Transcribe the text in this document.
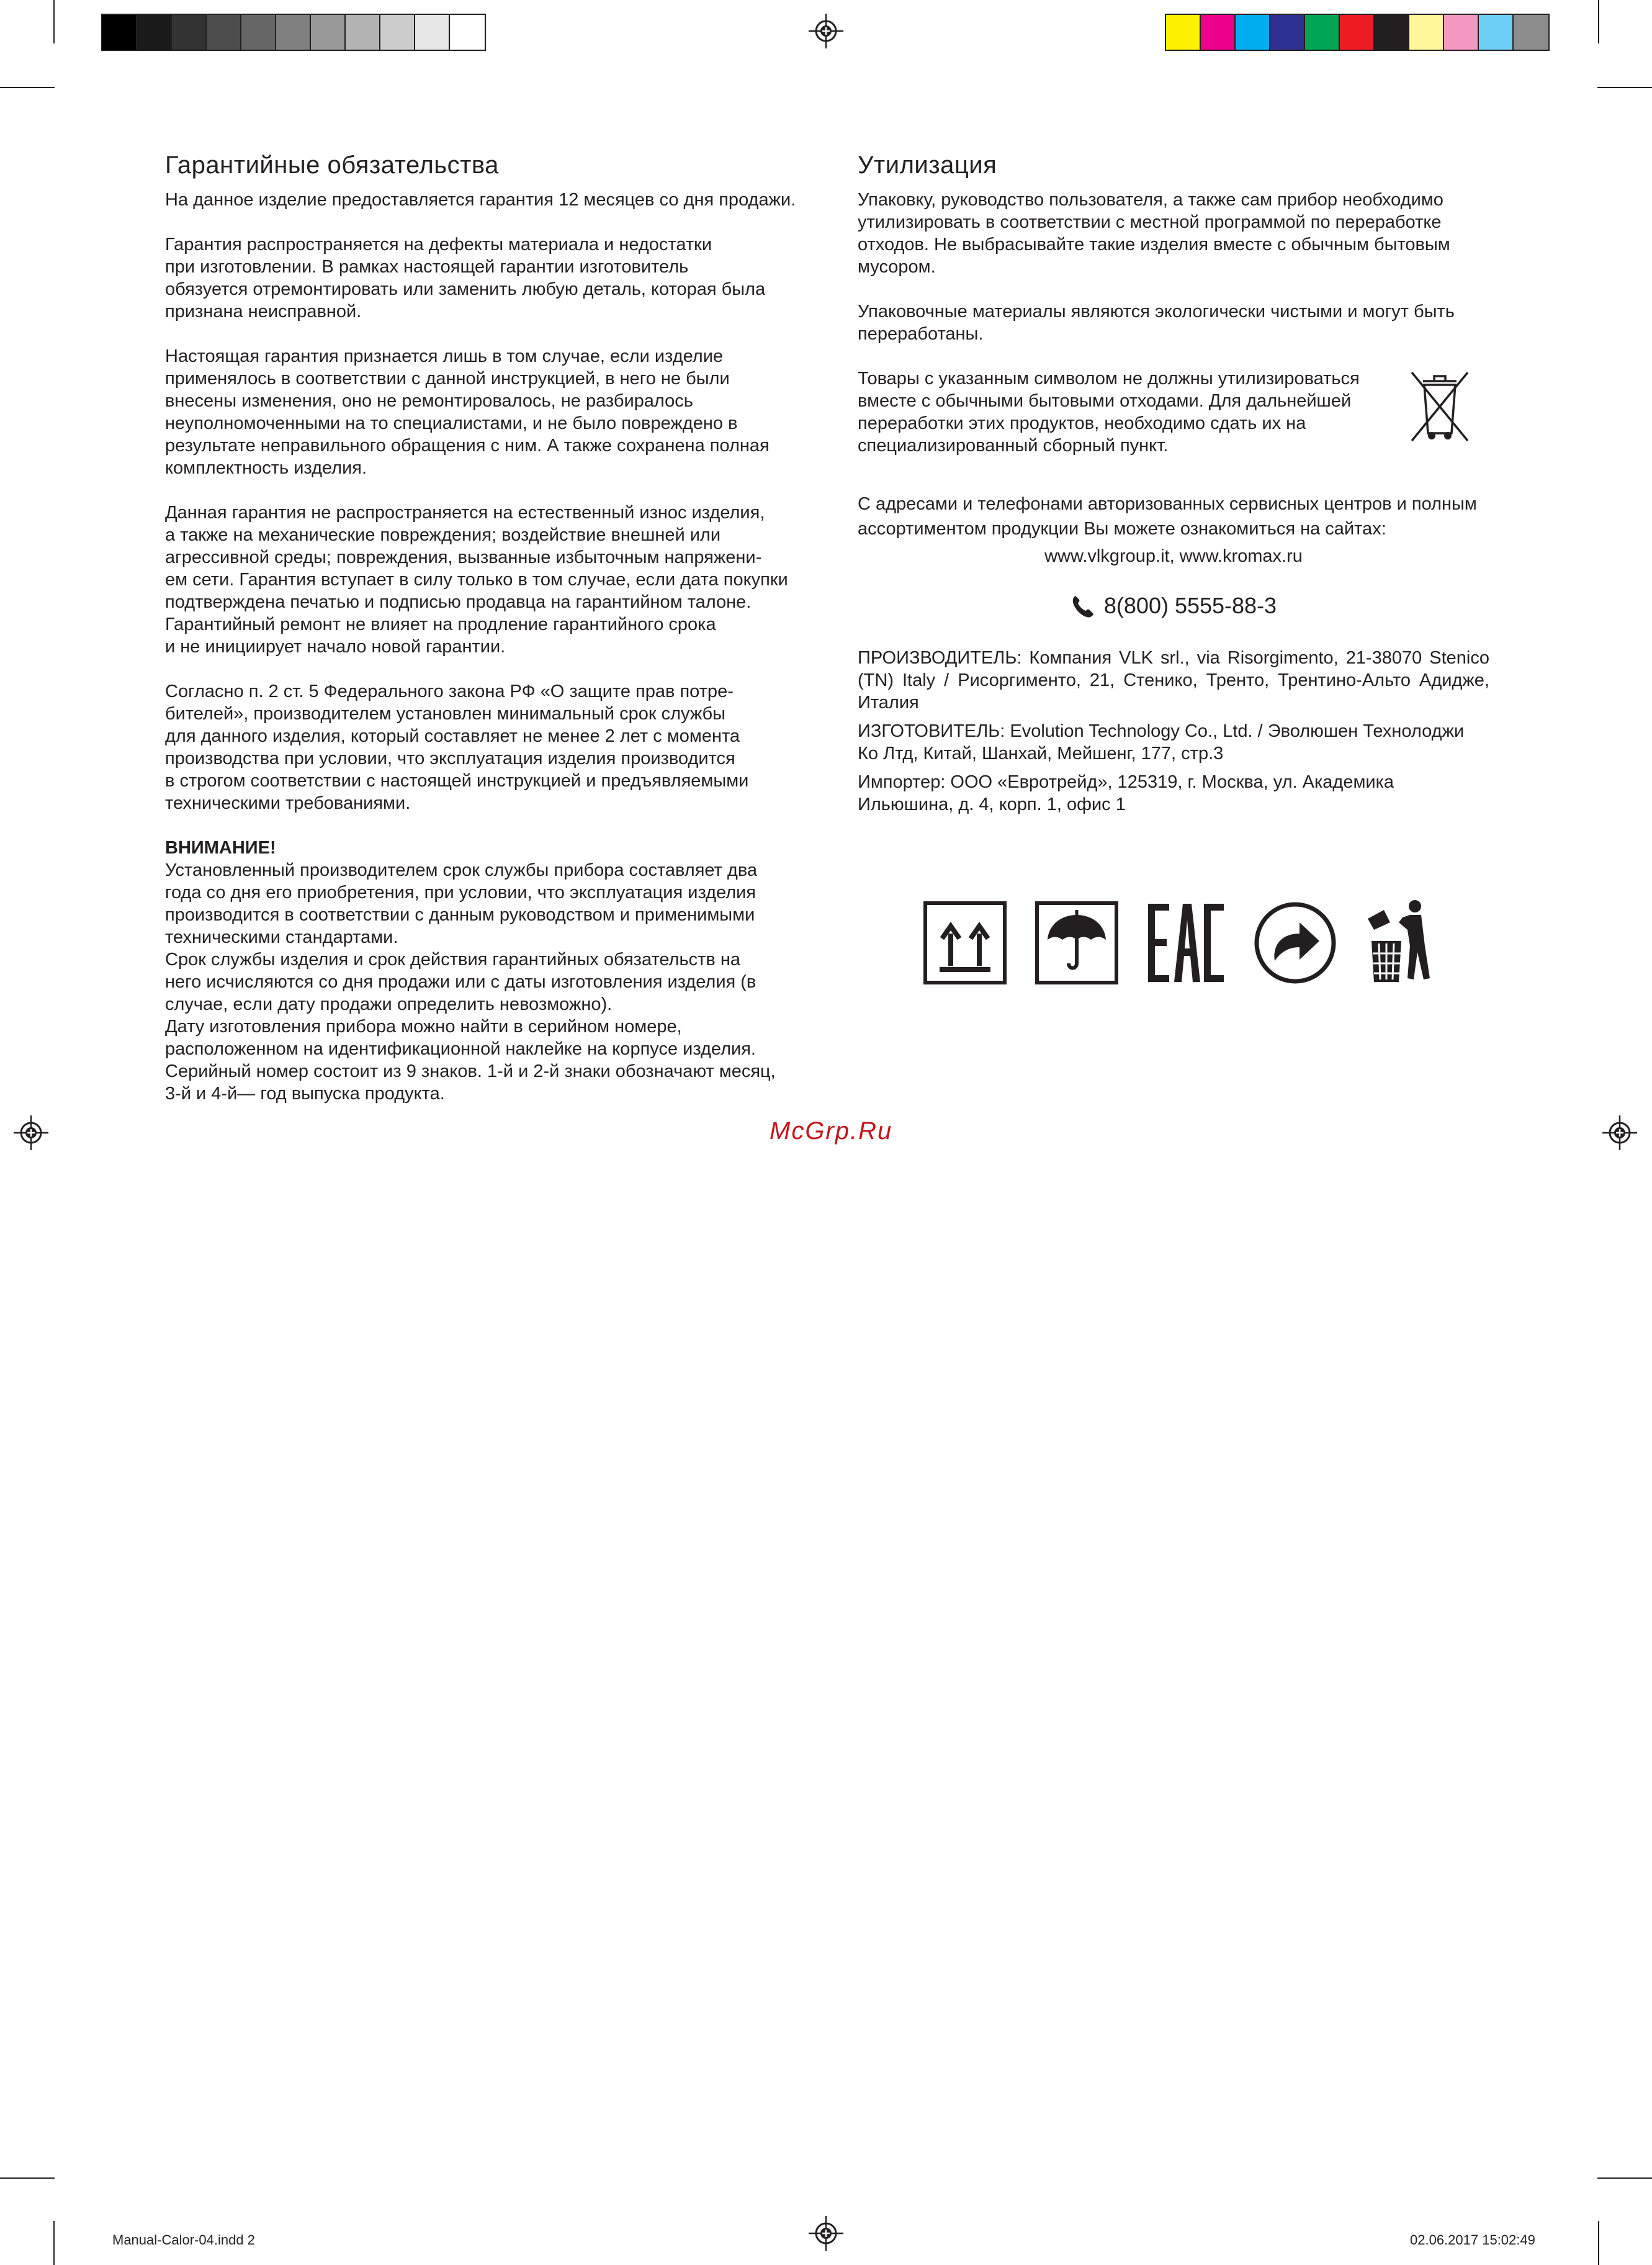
Гарантийные обязательства

На данное изделие предоставляется гарантия 12 месяцев со дня продажи.

Гарантия распространяется на дефекты материала и недостатки
при изготовлении. В рамках настоящей гарантии изготовитель
обязуется отремонтировать или заменить любую деталь, которая была
признана неисправной.

Настоящая гарантия признается лишь в том случае, если изделие
применялось в соответствии с данной инструкцией, в него не были
внесены изменения, оно не ремонтировалось, не разбиралось
неуполномоченными на то специалистами, и не было повреждено в
результате неправильного обращения с ним. А также сохранена полная
комплектность изделия.

Данная гарантия не распространяется на естественный износ изделия,
а также на механические повреждения; воздействие внешней или
агрессивной среды; повреждения, вызванные избыточным напряжени-
ем сети. Гарантия вступает в силу только в том случае, если дата покупки
подтверждена печатью и подписью продавца на гарантийном талоне.
Гарантийный ремонт не влияет на продление гарантийного срока
и не инициирует начало новой гарантии.

Согласно п. 2 ст. 5 Федерального закона РФ «О защите прав потре-
бителей», производителем установлен минимальный срок службы
для данного изделия, который составляет не менее 2 лет с момента
производства при условии, что эксплуатация изделия производится
в строгом соответствии с настоящей инструкцией и предъявляемыми
техническими требованиями.

ВНИМАНИЕ!

Установленный производителем срок службы прибора составляет два
года со дня его приобретения, при условии, что эксплуатация изделия
производится в соответствии с данным руководством и применимыми
техническими стандартами.
Срок службы изделия и срок действия гарантийных обязательств на
него исчисляются со дня продажи или с даты изготовления изделия (в
случае, если дату продажи определить невозможно).
Дату изготовления прибора можно найти в серийном номере,
расположенном на идентификационной наклейке на корпусе изделия.
Серийный номер состоит из 9 знаков. 1-й и 2-й знаки обозначают месяц,
3-й и 4-й— год выпуска продукта.

Утилизация

Упаковку, руководство пользователя, а также сам прибор необходимо
утилизировать в соответствии с местной программой по переработке
отходов. Не выбрасывайте такие изделия вместе с обычным бытовым
мусором.

Упаковочные материалы являются экологически чистыми и могут быть
переработаны.

Товары с указанным символом не должны утилизироваться
вместе с обычными бытовыми отходами. Для дальнейшей
переработки этих продуктов, необходимо сдать их на
специализированный сборный пункт.

С адресами и телефонами авторизованных сервисных центров и полным
ассортиментом продукции Вы можете ознакомиться на сайтах:

www.vlkgroup.it, www.kromax.ru

8(800) 5555-88-3

ПРОИЗВОДИТЕЛЬ: Компания VLK srl., via Risorgimento, 21-38070 Stenico (TN) Italy / Рисоргименто, 21, Стенико, Тренто, Трентино-Альто Адидже, Италия

ИЗГОТОВИТЕЛЬ: Evolution Technology Co., Ltd. / Эволюшен Технолоджи Ко Лтд, Китай, Шанхай, Мейшенг, 177, стр.3

Импортер: ООО «Евротрейд», 125319, г. Москва, ул. Академика Ильюшина, д. 4, корп. 1, офис 1

McGrp.Ru
Manual-Calor-04.indd 2	02.06.2017 15:02:49
